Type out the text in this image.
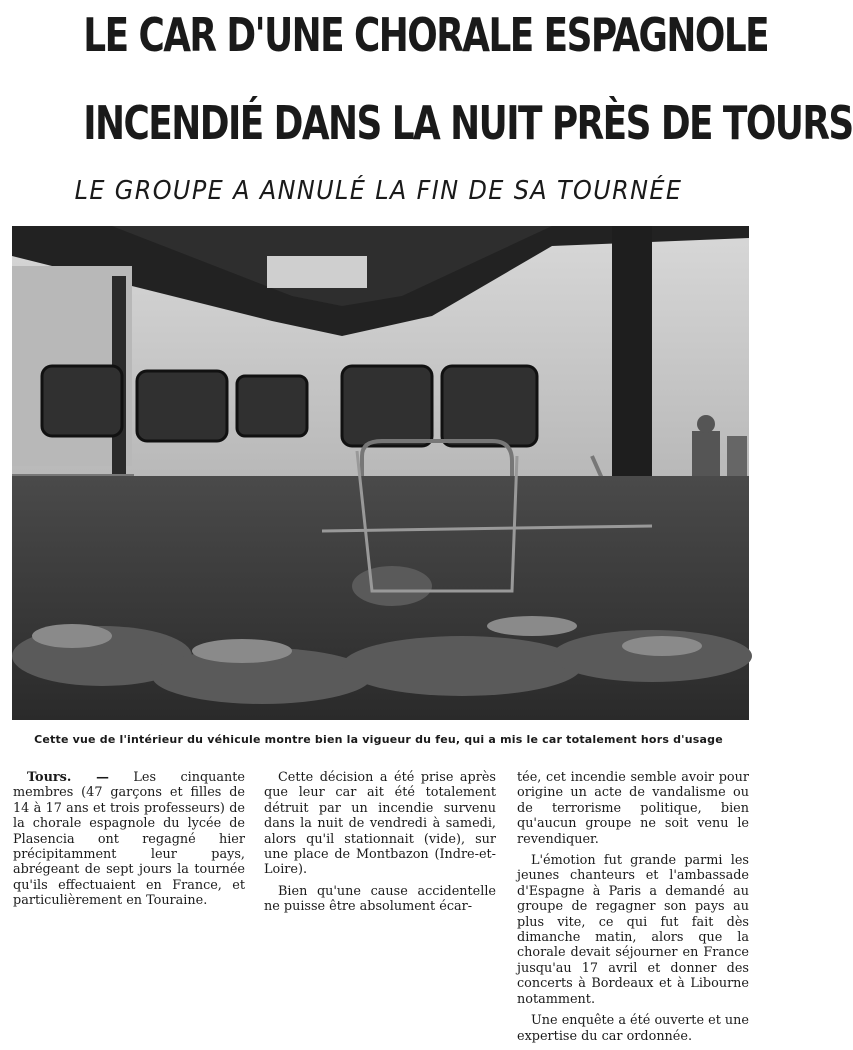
LE CAR D'UNE CHORALE ESPAGNOLE
INCENDIÉ DANS LA NUIT PRÈS DE TOURS
LE GROUPE A ANNULÉ LA FIN DE SA TOURNÉE
Cette vue de l'intérieur du véhicule montre bien la vigueur du feu, qui a mis le car totalement hors d'usage

Tours. — Les cinquante membres (47 garçons et filles de 14 à 17 ans et trois professeurs) de la chorale espagnole du lycée de Plasencia ont regagné hier précipitamment leur pays, abrégeant de sept jours la tournée qu'ils effectuaient en France, et particulièrement en Touraine.

Cette décision a été prise après que leur car ait été totalement détruit par un incendie survenu dans la nuit de vendredi à samedi, alors qu'il stationnait (vide), sur une place de Montbazon (Indre-et-Loire).

Bien qu'une cause accidentelle ne puisse être absolument écar-

tée, cet incendie semble avoir pour origine un acte de vandalisme ou de terrorisme politique, bien qu'aucun groupe ne soit venu le revendiquer.

L'émotion fut grande parmi les jeunes chanteurs et l'ambassade d'Espagne à Paris a demandé au groupe de regagner son pays au plus vite, ce qui fut fait dès dimanche matin, alors que la chorale devait séjourner en France jusqu'au 17 avril et donner des concerts à Bordeaux et à Libourne notamment.

Une enquête a été ouverte et une expertise du car ordonnée.
